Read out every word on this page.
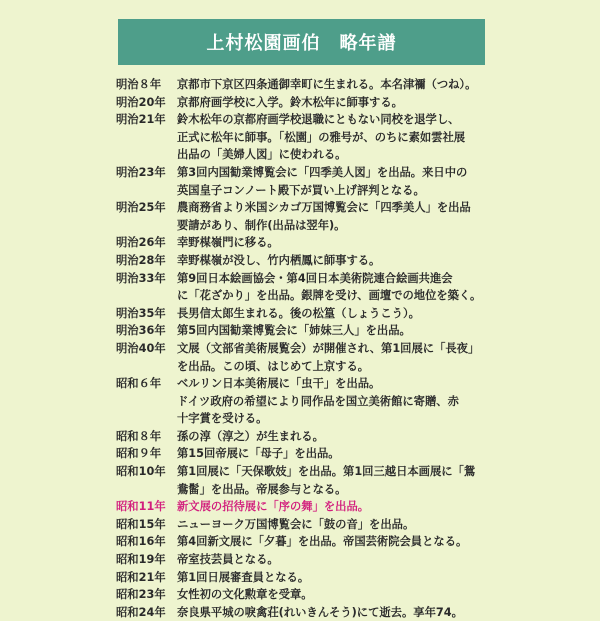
上村松園画伯　略年譜
明治８年	京都市下京区四条通御幸町に生まれる。本名津禰（つね）。
明治20年	京都府画学校に入学。鈴木松年に師事する。
明治21年	鈴木松年の京都府画学校退職にともない同校を退学し、
正式に松年に師事。「松園」の雅号が、のちに素如雲社展
出品の「美婦人図」に使われる。
明治23年	第3回内国勧業博覧会に「四季美人図」を出品。来日中の
英国皇子コンノート殿下が買い上げ評判となる。
明治25年	農商務省より米国シカゴ万国博覧会に「四季美人」を出品
要請があり、制作(出品は翌年)。
明治26年	幸野楳嶺門に移る。
明治28年	幸野楳嶺が没し、竹内栖鳳に師事する。
明治33年	第9回日本絵画協会・第4回日本美術院連合絵画共進会
に「花ざかり」を出品。銀牌を受け、画壇での地位を築く。
明治35年	長男信太郎生まれる。後の松篁（しょうこう）。
明治36年	第5回内国勧業博覧会に「姉妹三人」を出品。
明治40年	文展（文部省美術展覧会）が開催され、第1回展に「長夜」
を出品。この頃、はじめて上京する。
昭和６年	ベルリン日本美術展に「虫干」を出品。
ドイツ政府の希望により同作品を国立美術館に寄贈、赤
十字賞を受ける。
昭和８年	孫の淳（淳之）が生まれる。
昭和９年	第15回帝展に「母子」を出品。
昭和10年	第1回展に「天保歌妓」を出品。第1回三越日本画展に「鴛
鴦髷」を出品。帝展参与となる。
昭和11年	新文展の招待展に「序の舞」を出品。
昭和15年	ニューヨーク万国博覧会に「鼓の音」を出品。
昭和16年	第4回新文展に「夕暮」を出品。帝国芸術院会員となる。
昭和19年	帝室技芸員となる。
昭和21年	第1回日展審査員となる。
昭和23年	女性初の文化勲章を受章。
昭和24年	奈良県平城の唳禽荘(れいきんそう)にて逝去。享年74。
